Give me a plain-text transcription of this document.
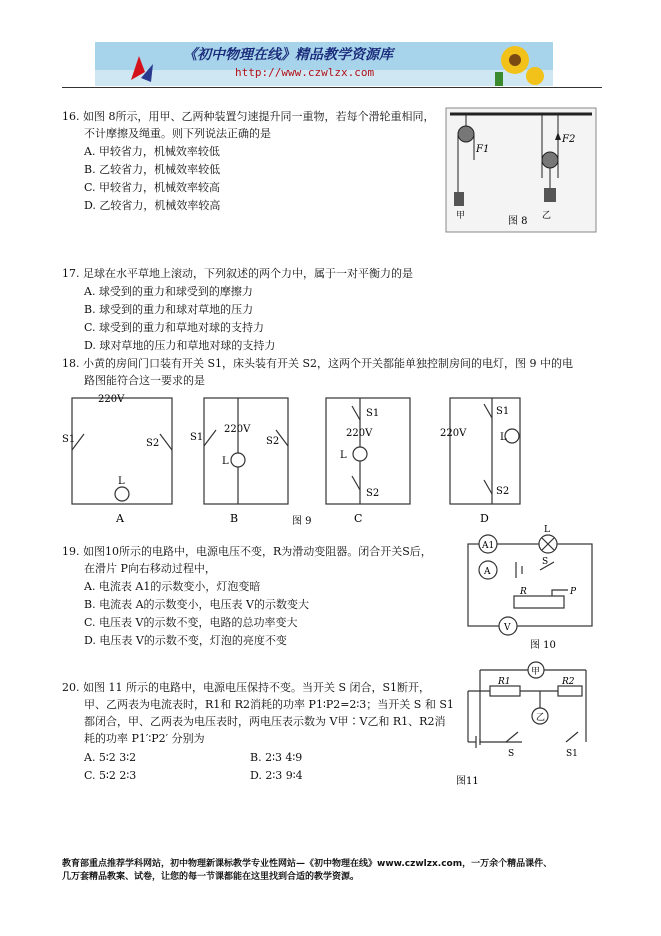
《初中物理在线》精品教学资源库
http://www.czwlzx.com
16. 如图 8所示，用甲、乙两种装置匀速提升同一重物，若每个滑轮重相同，
不计摩擦及绳重。则下列说法正确的是
A. 甲较省力，机械效率较低
B. 乙较省力，机械效率较低
C. 甲较省力，机械效率较高
D. 乙较省力，机械效率较高
F1
甲
F2
乙
图 8
17. 足球在水平草地上滚动，下列叙述的两个力中，属于一对平衡力的是
A. 球受到的重力和球受到的摩擦力
B. 球受到的重力和球对草地的压力
C. 球受到的重力和草地对球的支持力
D. 球对草地的压力和草地对球的支持力
18. 小黄的房间门口装有开关 S1，床头装有开关 S2，这两个开关都能单独控制房间的电灯，图 9 中的电
路图能符合这一要求的是
220V
S1	S2
L
A
220V
S1	S2
L
B	图 9
S1
220V
L
S2
C
220V
S1
L
S2
D
19. 如图10所示的电路中，电源电压不变，R为滑动变阻器。闭合开关S后，
在滑片 P向右移动过程中，
A. 电流表 A1的示数变小，灯泡变暗
B. 电流表 A的示数变小，电压表 V的示数变大
C. 电压表 V的示数不变，电路的总功率变大
D. 电压表 V的示数不变，灯泡的亮度不变
A1
A
L
S
R	P
V
图 10
20. 如图 11 所示的电路中，电源电压保持不变。当开关 S 闭合，S1断开，
甲、乙两表为电流表时，R1和 R2消耗的功率 P1∶P2=2∶3；当开关 S 和 S1
都闭合，甲、乙两表为电压表时，两电压表示数为 V甲∶V乙和 R1、R2消
耗的功率 P1′∶P2′ 分别为
A. 5∶2 3∶2	B. 2∶3 4∶9
C. 5∶2 2∶3	D. 2∶3 9∶4
甲
乙
R1	R2
S	S1
图11
教育部重点推荐学科网站，初中物理新课标教学专业性网站—《初中物理在线》www.czwlzx.com，一万余个精品课件、
几万套精品教案、试卷，让您的每一节课都能在这里找到合适的教学资源。
